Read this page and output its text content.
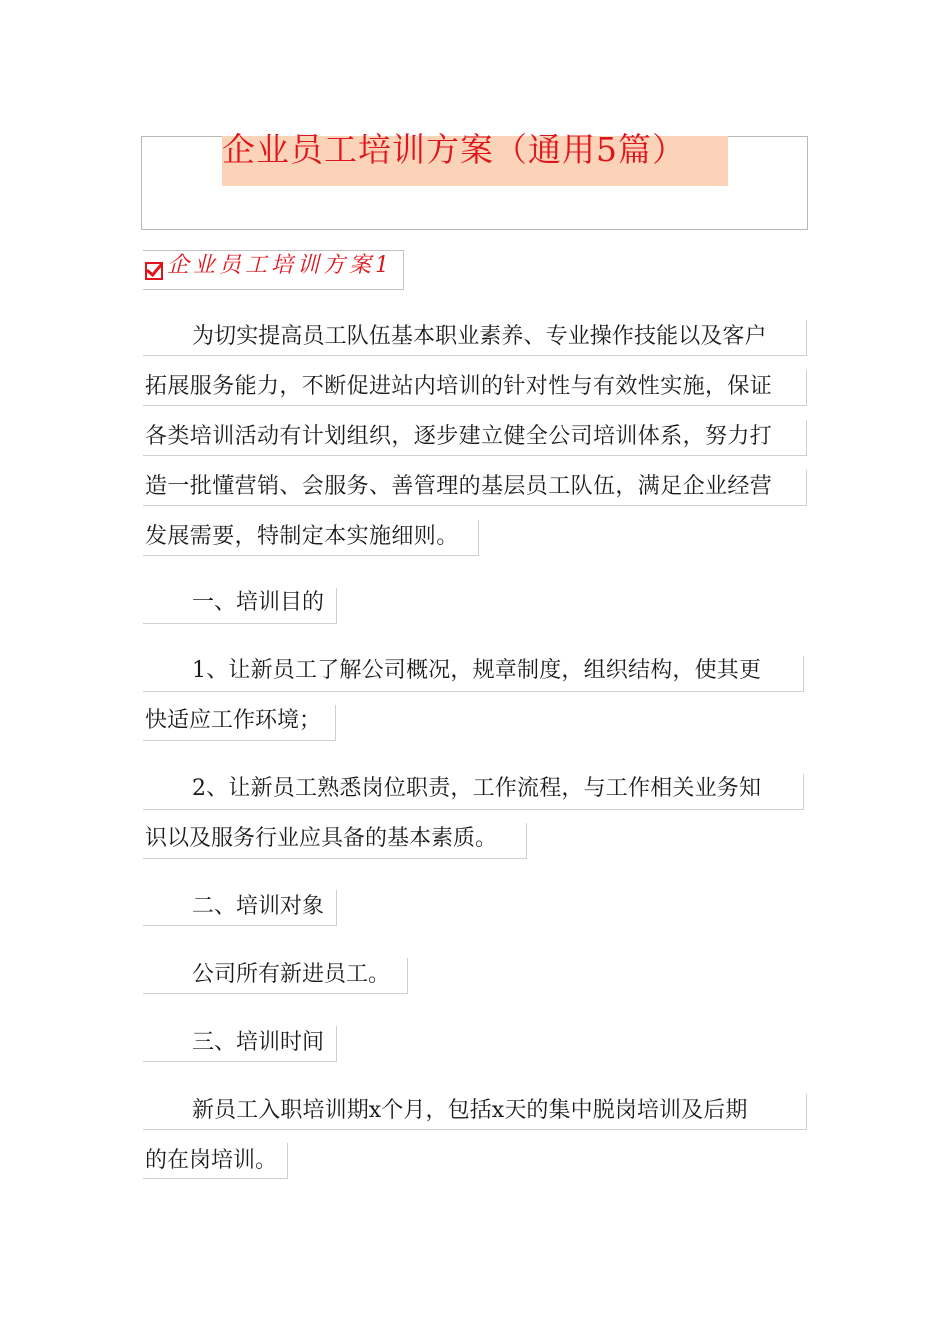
企业员工培训方案（通用5篇）
企业员工培训方案1
为切实提高员工队伍基本职业素养、专业操作技能以及客户
拓展服务能力，不断促进站内培训的针对性与有效性实施，保证
各类培训活动有计划组织，逐步建立健全公司培训体系，努力打
造一批懂营销、会服务、善管理的基层员工队伍，满足企业经营
发展需要，特制定本实施细则。
一、培训目的
1、让新员工了解公司概况，规章制度，组织结构，使其更
快适应工作环境；
2、让新员工熟悉岗位职责，工作流程，与工作相关业务知
识以及服务行业应具备的基本素质。
二、培训对象
公司所有新进员工。
三、培训时间
新员工入职培训期x个月，包括x天的集中脱岗培训及后期
的在岗培训。
